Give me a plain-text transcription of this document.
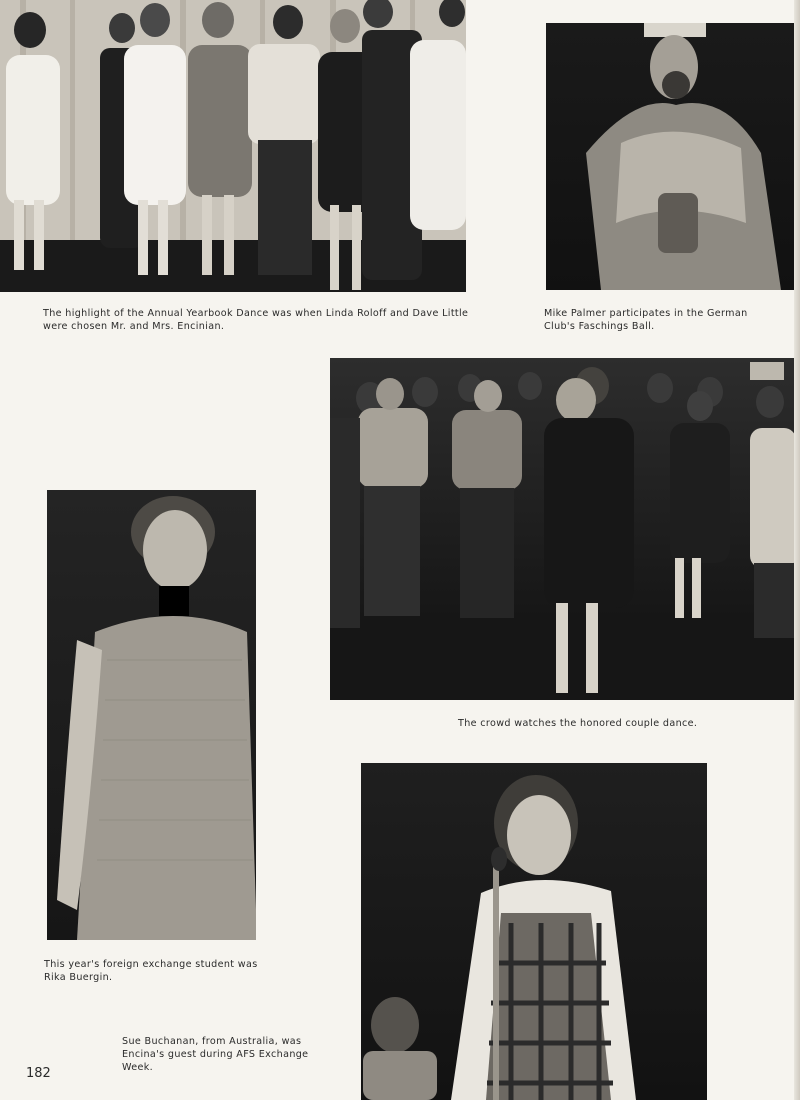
The highlight of the Annual Yearbook Dance was when Linda Roloff and Dave Little were chosen Mr. and Mrs. Encinian.
Mike Palmer participates in the German Club's Faschings Ball.
The crowd watches the honored couple dance.
This year's foreign exchange student was Rika Buergin.
Sue Buchanan, from Australia, was Encina's guest during AFS Exchange Week.
182
